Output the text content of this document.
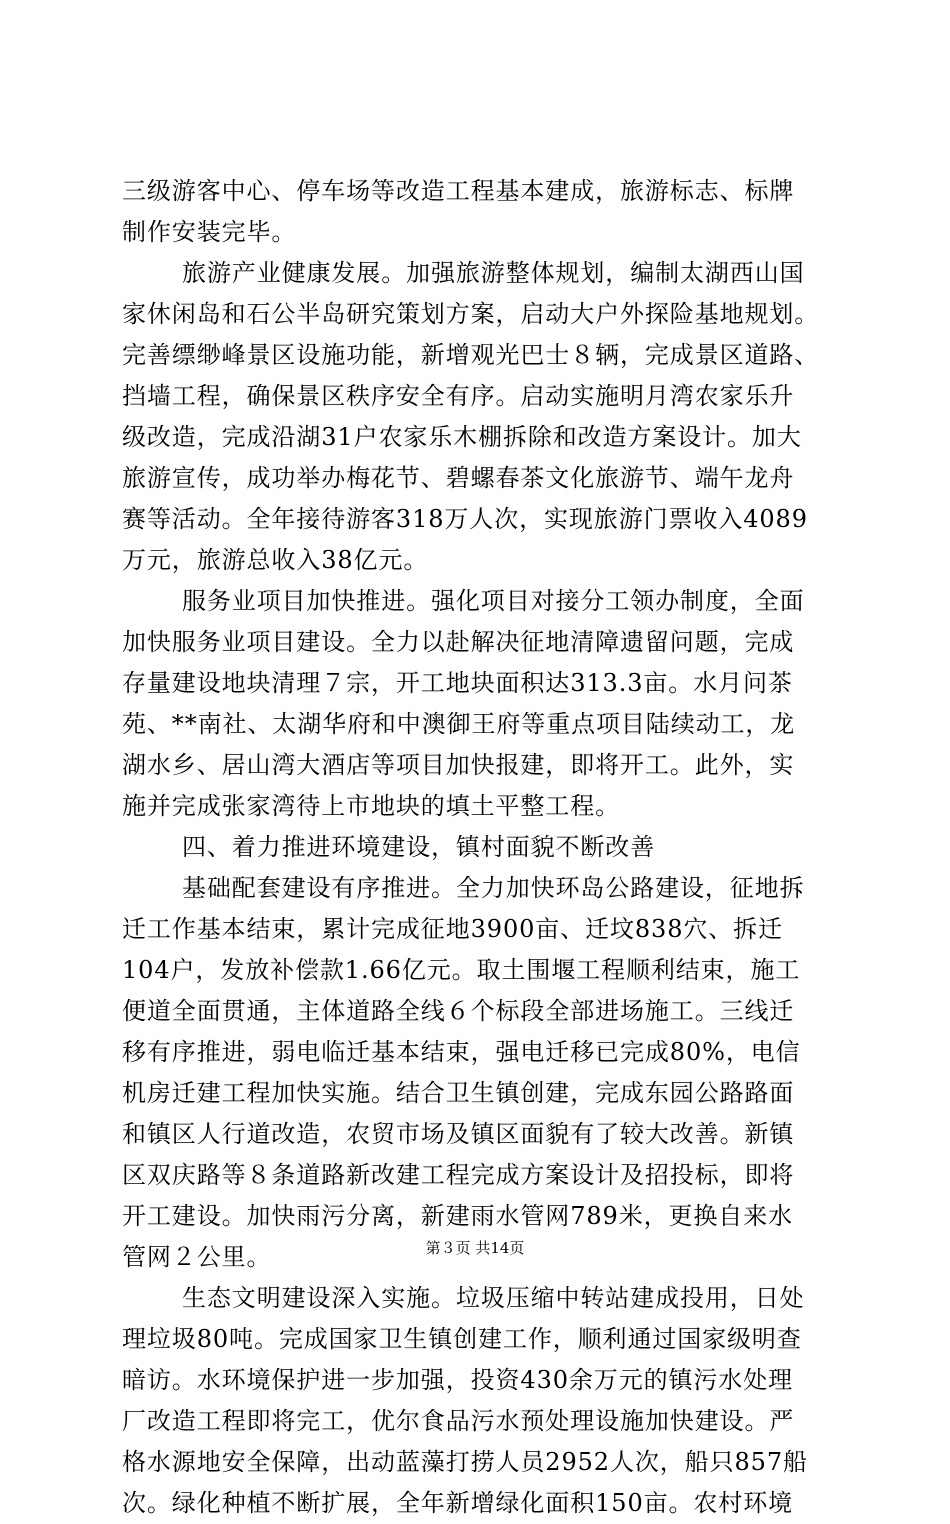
三级游客中心、停车场等改造工程基本建成，旅游标志、标牌
制作安装完毕。
旅游产业健康发展。加强旅游整体规划，编制太湖西山国
家休闲岛和石公半岛研究策划方案，启动大户外探险基地规划。
完善缥缈峰景区设施功能，新增观光巴士８辆，完成景区道路、
挡墙工程，确保景区秩序安全有序。启动实施明月湾农家乐升
级改造，完成沿湖31户农家乐木棚拆除和改造方案设计。加大
旅游宣传，成功举办梅花节、碧螺春茶文化旅游节、端午龙舟
赛等活动。全年接待游客318万人次，实现旅游门票收入4089
万元，旅游总收入38亿元。
服务业项目加快推进。强化项目对接分工领办制度，全面
加快服务业项目建设。全力以赴解决征地清障遗留问题，完成
存量建设地块清理７宗，开工地块面积达313.3亩。水月问茶
苑、**南社、太湖华府和中澳御王府等重点项目陆续动工，龙
湖水乡、居山湾大酒店等项目加快报建，即将开工。此外，实
施并完成张家湾待上市地块的填土平整工程。
四、着力推进环境建设，镇村面貌不断改善
基础配套建设有序推进。全力加快环岛公路建设，征地拆
迁工作基本结束，累计完成征地3900亩、迁坟838穴、拆迁
104户，发放补偿款1.66亿元。取土围堰工程顺利结束，施工
便道全面贯通，主体道路全线６个标段全部进场施工。三线迁
移有序推进，弱电临迁基本结束，强电迁移已完成80%，电信
机房迁建工程加快实施。结合卫生镇创建，完成东园公路路面
和镇区人行道改造，农贸市场及镇区面貌有了较大改善。新镇
区双庆路等８条道路新改建工程完成方案设计及招投标，即将
开工建设。加快雨污分离，新建雨水管网789米，更换自来水
管网２公里。
生态文明建设深入实施。垃圾压缩中转站建成投用，日处
理垃圾80吨。完成国家卫生镇创建工作，顺利通过国家级明查
暗访。水环境保护进一步加强，投资430余万元的镇污水处理
厂改造工程即将完工，优尔食品污水预处理设施加快建设。严
格水源地安全保障，出动蓝藻打捞人员2952人次，船只857船
次。绿化种植不断扩展，全年新增绿化面积150亩。农村环境
第３页 共14页
